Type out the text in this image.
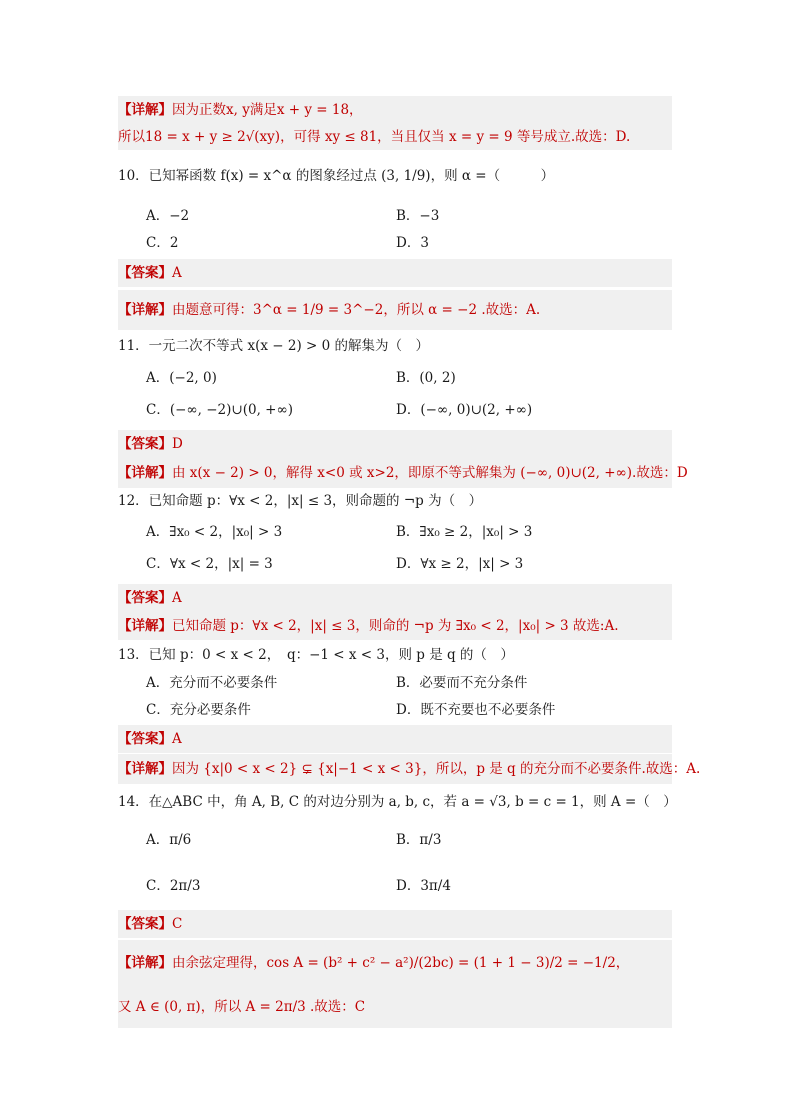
【详解】因为正数x, y满足x + y = 18，
所以18 = x + y ≥ 2√(xy)，可得 xy ≤ 81，当且仅当 x = y = 9 等号成立.故选：D.
10．已知幂函数 f(x) = x^α 的图象经过点 (3, 1/9)，则 α =（　　　）
A．−2	B．−3
C．2	D．3
【答案】A
【详解】由题意可得：3^α = 1/9 = 3^−2，所以 α = −2 .故选：A.
11．一元二次不等式 x(x − 2) > 0 的解集为（　）
A．(−2, 0)	B．(0, 2)
C．(−∞, −2)∪(0, +∞)	D．(−∞, 0)∪(2, +∞)
【答案】D
【详解】由 x(x − 2) > 0，解得 x<0 或 x>2，即原不等式解集为 (−∞, 0)∪(2, +∞).故选：D
12．已知命题 p：∀x < 2，|x| ≤ 3，则命题的 ¬p 为（　）
A．∃x₀ < 2，|x₀| > 3	B．∃x₀ ≥ 2，|x₀| > 3
C．∀x < 2，|x| = 3	D．∀x ≥ 2，|x| > 3
【答案】A
【详解】已知命题 p：∀x < 2，|x| ≤ 3，则命的 ¬p 为 ∃x₀ < 2，|x₀| > 3 故选:A.
13．已知 p：0 < x < 2，　q：−1 < x < 3，则 p 是 q 的（　）
A．充分而不必要条件	B．必要而不充分条件
C．充分必要条件	D．既不充要也不必要条件
【答案】A
【详解】因为 {x|0 < x < 2} ⊊ {x|−1 < x < 3}，所以，p 是 q 的充分而不必要条件.故选：A.
14．在△ABC 中，角 A, B, C 的对边分别为 a, b, c，若 a = √3, b = c = 1，则 A =（　）
A．π/6	B．π/3
C．2π/3	D．3π/4
【答案】C
【详解】由余弦定理得，cos A = (b² + c² − a²)/(2bc) = (1 + 1 − 3)/2 = −1/2，
又 A ∈ (0, π)，所以 A = 2π/3 .故选：C
